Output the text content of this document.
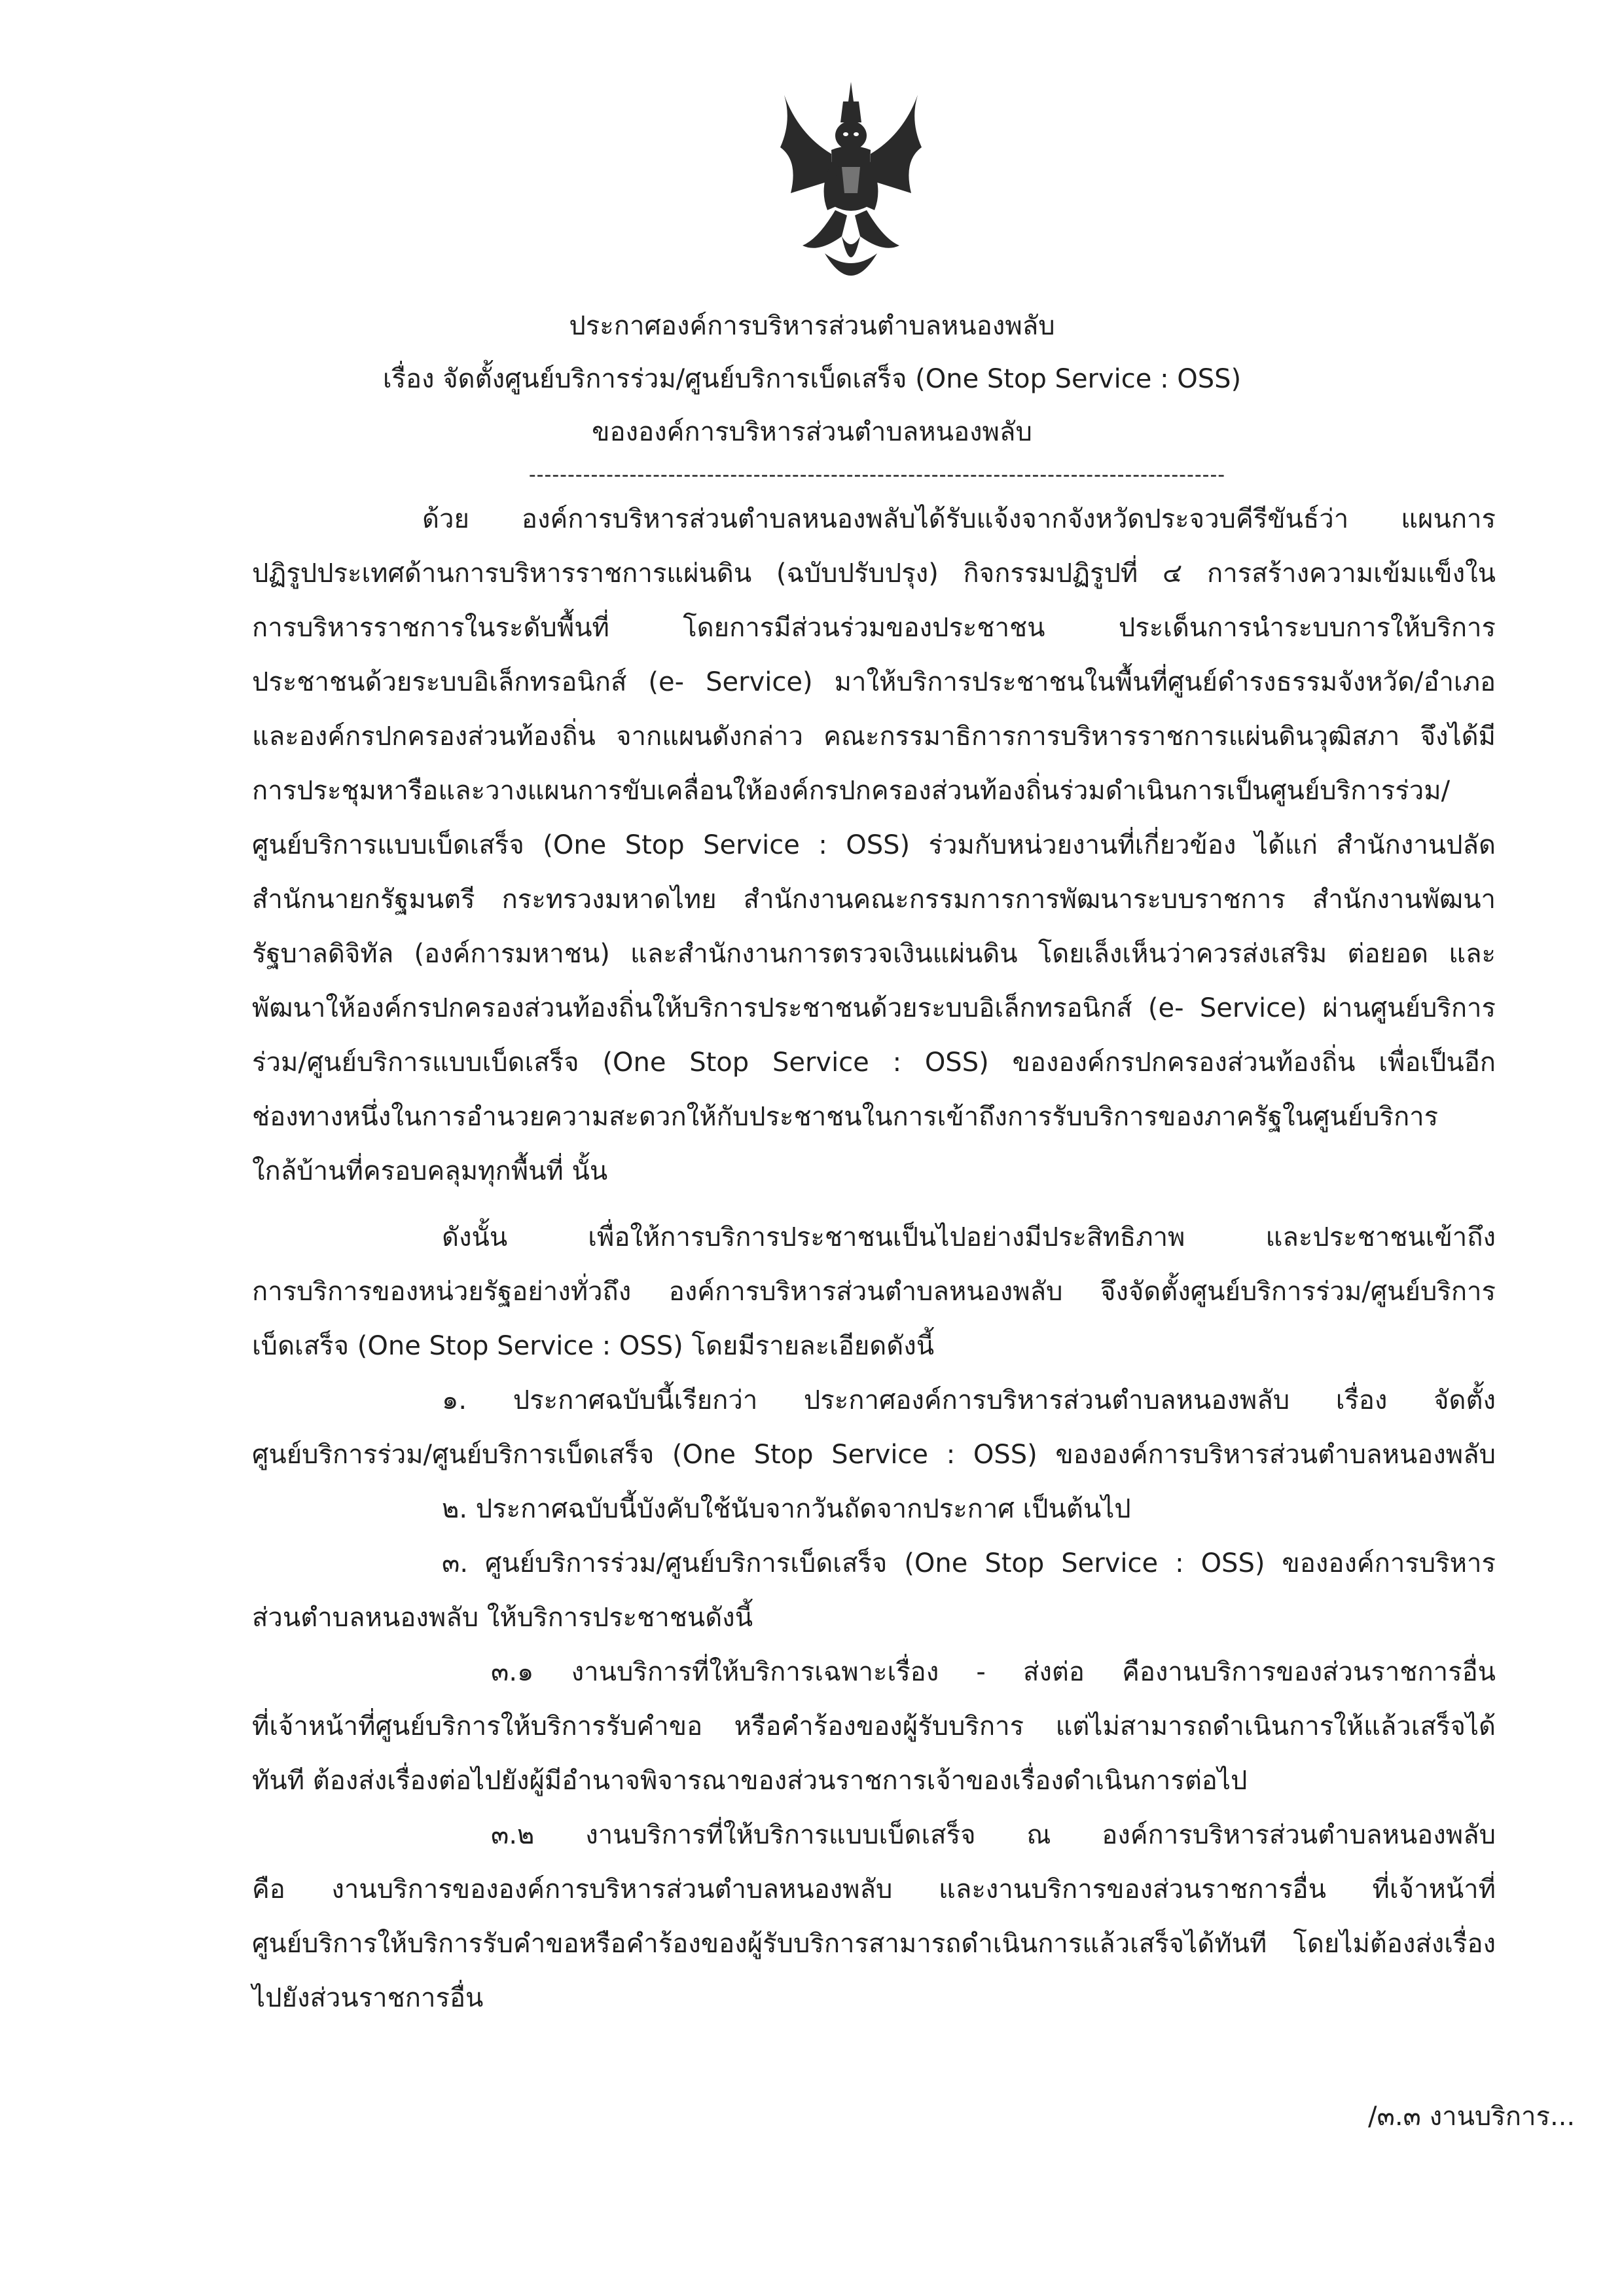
ประกาศองค์การบริหารส่วนตำบลหนองพลับ
เรื่อง จัดตั้งศูนย์บริการร่วม/ศูนย์บริการเบ็ดเสร็จ (One Stop Service : OSS)
ขององค์การบริหารส่วนตำบลหนองพลับ
------------------------------------------------------------------------------------------
ด้วย องค์การบริหารส่วนตำบลหนองพลับได้รับแจ้งจากจังหวัดประจวบคีรีขันธ์ว่า แผนการ
ปฏิรูปประเทศด้านการบริหารราชการแผ่นดิน (ฉบับปรับปรุง) กิจกรรมปฏิรูปที่ ๔ การสร้างความเข้มแข็งใน
การบริหารราชการในระดับพื้นที่ โดยการมีส่วนร่วมของประชาชน ประเด็นการนำระบบการให้บริการ
ประชาชนด้วยระบบอิเล็กทรอนิกส์ (e- Service) มาให้บริการประชาชนในพื้นที่ศูนย์ดำรงธรรมจังหวัด/อำเภอ
และองค์กรปกครองส่วนท้องถิ่น จากแผนดังกล่าว คณะกรรมาธิการการบริหารราชการแผ่นดินวุฒิสภา จึงได้มี
การประชุมหารือและวางแผนการขับเคลื่อนให้องค์กรปกครองส่วนท้องถิ่นร่วมดำเนินการเป็นศูนย์บริการร่วม/
ศูนย์บริการแบบเบ็ดเสร็จ (One Stop Service : OSS) ร่วมกับหน่วยงานที่เกี่ยวข้อง ได้แก่ สำนักงานปลัด
สำนักนายกรัฐมนตรี กระทรวงมหาดไทย สำนักงานคณะกรรมการการพัฒนาระบบราชการ สำนักงานพัฒนา
รัฐบาลดิจิทัล (องค์การมหาชน) และสำนักงานการตรวจเงินแผ่นดิน โดยเล็งเห็นว่าควรส่งเสริม ต่อยอด และ
พัฒนาให้องค์กรปกครองส่วนท้องถิ่นให้บริการประชาชนด้วยระบบอิเล็กทรอนิกส์ (e- Service) ผ่านศูนย์บริการ
ร่วม/ศูนย์บริการแบบเบ็ดเสร็จ (One Stop Service : OSS) ขององค์กรปกครองส่วนท้องถิ่น เพื่อเป็นอีก
ช่องทางหนึ่งในการอำนวยความสะดวกให้กับประชาชนในการเข้าถึงการรับบริการของภาครัฐในศูนย์บริการ
ใกล้บ้านที่ครอบคลุมทุกพื้นที่ นั้น
ดังนั้น เพื่อให้การบริการประชาชนเป็นไปอย่างมีประสิทธิภาพ และประชาชนเข้าถึง
การบริการของหน่วยรัฐอย่างทั่วถึง องค์การบริหารส่วนตำบลหนองพลับ จึงจัดตั้งศูนย์บริการร่วม/ศูนย์บริการ
เบ็ดเสร็จ (One Stop Service : OSS) โดยมีรายละเอียดดังนี้
๑. ประกาศฉบับนี้เรียกว่า ประกาศองค์การบริหารส่วนตำบลหนองพลับ เรื่อง จัดตั้ง
ศูนย์บริการร่วม/ศูนย์บริการเบ็ดเสร็จ (One Stop Service : OSS) ขององค์การบริหารส่วนตำบลหนองพลับ
๒. ประกาศฉบับนี้บังคับใช้นับจากวันถัดจากประกาศ เป็นต้นไป
๓. ศูนย์บริการร่วม/ศูนย์บริการเบ็ดเสร็จ (One Stop Service : OSS) ขององค์การบริหาร
ส่วนตำบลหนองพลับ ให้บริการประชาชนดังนี้
๓.๑ งานบริการที่ให้บริการเฉพาะเรื่อง - ส่งต่อ คืองานบริการของส่วนราชการอื่น
ที่เจ้าหน้าที่ศูนย์บริการให้บริการรับคำขอ หรือคำร้องของผู้รับบริการ แต่ไม่สามารถดำเนินการให้แล้วเสร็จได้
ทันที ต้องส่งเรื่องต่อไปยังผู้มีอำนาจพิจารณาของส่วนราชการเจ้าของเรื่องดำเนินการต่อไป
๓.๒ งานบริการที่ให้บริการแบบเบ็ดเสร็จ ณ องค์การบริหารส่วนตำบลหนองพลับ
คือ งานบริการขององค์การบริหารส่วนตำบลหนองพลับ และงานบริการของส่วนราชการอื่น ที่เจ้าหน้าที่
ศูนย์บริการให้บริการรับคำขอหรือคำร้องของผู้รับบริการสามารถดำเนินการแล้วเสร็จได้ทันที โดยไม่ต้องส่งเรื่อง
ไปยังส่วนราชการอื่น
/๓.๓ งานบริการ...
